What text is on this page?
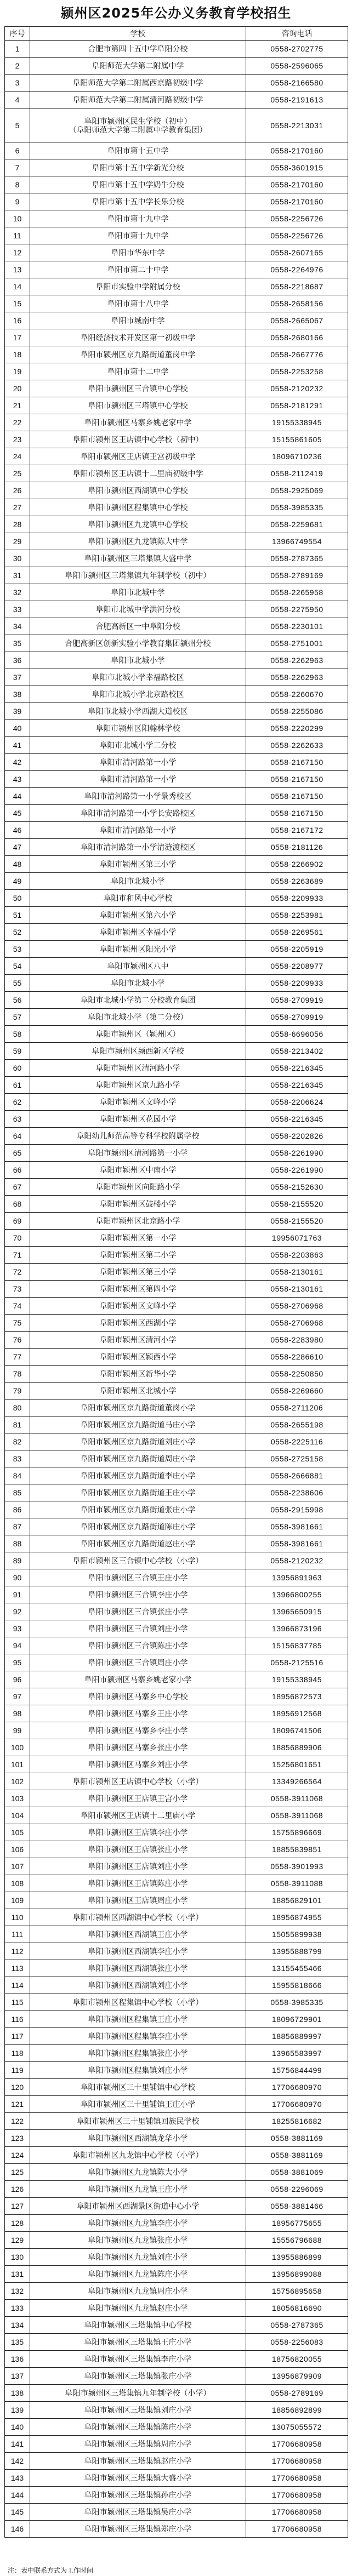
颍州区2025年公办义务教育学校招生
序号	学校	咨询电话
1	合肥市第四十五中学阜阳分校	0558-2702775
2	阜阳师范大学第二附属中学	0558-2596065
3	阜阳师范大学第二附属西京路初级中学	0558-2166580
4	阜阳师范大学第二附属清河路初级中学	0558-2191613
5	阜阳市颍州区民生学校（初中）
（阜阳师范大学第二附属中学教育集团）	0558-2213031
6	阜阳市第十五中学	0558-2170160
7	阜阳市第十五中学新光分校	0558-3601915
8	阜阳市第十五中学奶牛分校	0558-2170160
9	阜阳市第十五中学长乐分校	0558-2170160
10	阜阳市第十九中学	0558-2256726
11	阜阳市第十九中学	0558-2256726
12	阜阳市华东中学	0558-2607165
13	阜阳市第二十中学	0558-2264976
14	阜阳市实验中学附属分校	0558-2218687
15	阜阳市第十八中学	0558-2658156
16	阜阳市城南中学	0558-2665067
17	阜阳经济技术开发区第一初级中学	0558-2680166
18	阜阳市颍州区京九路街道董岗中学	0558-2667776
19	阜阳市第十二中学	0558-2253258
20	阜阳市颍州区三合镇中心学校	0558-2120232
21	阜阳市颍州区三塔镇中心学校	0558-2181291
22	阜阳市颍州区马寨乡姚老家中学	19155338945
23	阜阳市颍州区王店镇中心学校（初中）	15155861605
24	阜阳市颍州区王店镇王宫初级中学	18096710236
25	阜阳市颍州区王店镇十二里庙初级中学	0558-2112419
26	阜阳市颍州区西湖镇中心学校	0558-2925069
27	阜阳市颍州区程集镇中心学校	0558-3985335
28	阜阳市颍州区九龙镇中心学校	0558-2259681
29	阜阳市颍州区九龙镇陈大中学	13966749554
30	阜阳市颍州区三塔集镇大盛中学	0558-2787365
31	阜阳市颍州区三塔集镇九年制学校（初中）	0558-2789169
32	阜阳市北城中学	0558-2265958
33	阜阳市北城中学洪河分校	0558-2275950
34	合肥高新区一中阜阳分校	0558-2230101
35	合肥高新区创新实验小学教育集团颍州分校	0558-2751001
36	阜阳市北城小学	0558-2262963
37	阜阳市北城小学幸福路校区	0558-2262963
38	阜阳市北城小学北京路校区	0558-2260670
39	阜阳市北城小学西湖大道校区	0558-2255086
40	阜阳市颍州区阳翰林学校	0558-2220299
41	阜阳市北城小学二分校	0558-2262633
42	阜阳市清河路第一小学	0558-2167150
43	阜阳市清河路第一小学	0558-2167150
44	阜阳市清河路第一小学景秀校区	0558-2167150
45	阜阳市清河路第一小学长安路校区	0558-2167150
46	阜阳市清河路第一小学	0558-2167172
47	阜阳市清河路第一小学清涟渡校区	0558-2181126
48	阜阳市颍州区第三小学	0558-2266902
49	阜阳市北城小学	0558-2263689
50	阜阳市和风中心学校	0558-2209933
51	阜阳市颍州区第六小学	0558-2253981
52	阜阳市颍州区幸福小学	0558-2269561
53	阜阳市颍州区阳光小学	0558-2205919
54	阜阳市颍州区八中	0558-2208977
55	阜阳市北城小学	0558-2209933
56	阜阳市北城小学第二分校教育集团	0558-2709919
57	阜阳市北城小学（第二分校）	0558-2709919
58	阜阳市颍州区（颍州区）	0558-6696056
59	阜阳市颍州区颍西新区学校	0558-2213402
60	阜阳市颍州区清河路小学	0558-2216345
61	阜阳市颍州区京九路小学	0558-2216345
62	阜阳市颍州区文峰小学	0558-2206624
63	阜阳市颍州区花园小学	0558-2216345
64	阜阳幼儿师范高等专科学校附属学校	0558-2202826
65	阜阳市颍州区清河路第一小学	0558-2261990
66	阜阳市颍州区中南小学	0558-2261990
67	阜阳市颍州区向阳路小学	0558-2152630
68	阜阳市颍州区鼓楼小学	0558-2155520
69	阜阳市颍州区北京路小学	0558-2155520
70	阜阳市颍州区第一小学	19956071763
71	阜阳市颍州区第二小学	0558-2203863
72	阜阳市颍州区第三小学	0558-2130161
73	阜阳市颍州区第四小学	0558-2130161
74	阜阳市颍州区文峰小学	0558-2706968
75	阜阳市颍州区西湖小学	0558-2706968
76	阜阳市颍州区清河小学	0558-2283980
77	阜阳市颍州区颍西小学	0558-2286610
78	阜阳市颍州区新华小学	0558-2250850
79	阜阳市颍州区北城小学	0558-2269660
80	阜阳市颍州区京九路街道董岗小学	0558-2711206
81	阜阳市颍州区京九路街道马庄小学	0558-2655198
82	阜阳市颍州区京九路街道刘庄小学	0558-2225116
83	阜阳市颍州区京九路街道周庄小学	0558-2725158
84	阜阳市颍州区京九路街道李庄小学	0558-2666881
85	阜阳市颍州区京九路街道王庄小学	0558-2238606
86	阜阳市颍州区京九路街道张庄小学	0558-2915998
87	阜阳市颍州区京九路街道陈庄小学	0558-3981661
88	阜阳市颍州区京九路街道赵庄小学	0558-3981661
89	阜阳市颍州区三合镇中心学校（小学）	0558-2120232
90	阜阳市颍州区三合镇王庄小学	13956891963
91	阜阳市颍州区三合镇李庄小学	13966800255
92	阜阳市颍州区三合镇张庄小学	13965650915
93	阜阳市颍州区三合镇刘庄小学	13966873196
94	阜阳市颍州区三合镇陈庄小学	15156837785
95	阜阳市颍州区三合镇周庄小学	0558-2125516
96	阜阳市颍州区马寨乡姚老家小学	19155338945
97	阜阳市颍州区马寨乡中心学校	18956872573
98	阜阳市颍州区马寨乡王庄小学	18956912568
99	阜阳市颍州区马寨乡李庄小学	18096741506
100	阜阳市颍州区马寨乡张庄小学	18856889906
101	阜阳市颍州区马寨乡刘庄小学	15256801651
102	阜阳市颍州区王店镇中心学校（小学）	13349266564
103	阜阳市颍州区王店镇王宫小学	0558-3911068
104	阜阳市颍州区王店镇十二里庙小学	0558-3911068
105	阜阳市颍州区王店镇李庄小学	15755896669
106	阜阳市颍州区王店镇张庄小学	18855839851
107	阜阳市颍州区王店镇刘庄小学	0558-3901993
108	阜阳市颍州区王店镇陈庄小学	0558-3911088
109	阜阳市颍州区王店镇周庄小学	18856829101
110	阜阳市颍州区西湖镇中心学校（小学）	18956874955
111	阜阳市颍州区西湖镇王庄小学	15055899938
112	阜阳市颍州区西湖镇李庄小学	13955888799
113	阜阳市颍州区西湖镇张庄小学	13155455466
114	阜阳市颍州区西湖镇刘庄小学	15955818666
115	阜阳市颍州区程集镇中心学校（小学）	0558-3985335
116	阜阳市颍州区程集镇王庄小学	18096729901
117	阜阳市颍州区程集镇李庄小学	18856889997
118	阜阳市颍州区程集镇张庄小学	13965583997
119	阜阳市颍州区程集镇刘庄小学	15756844499
120	阜阳市颍州区三十里铺镇中心学校	17706680970
121	阜阳市颍州区三十里铺镇王庄小学	17706680970
122	阜阳市颍州区三十里铺镇回族民学校	18255816682
123	阜阳市颍州区西湖镇龙华小学	0558-3881169
124	阜阳市颍州区九龙镇中心学校（小学）	0558-3881169
125	阜阳市颍州区九龙镇陈大小学	0558-3881069
126	阜阳市颍州区九龙镇王庄小学	0558-2296069
127	阜阳市颍州区西湖景区街道中心小学	0558-3881466
128	阜阳市颍州区九龙镇李庄小学	18956775655
129	阜阳市颍州区九龙镇张庄小学	15556796688
130	阜阳市颍州区九龙镇刘庄小学	13955886899
131	阜阳市颍州区九龙镇陈庄小学	13956899088
132	阜阳市颍州区九龙镇周庄小学	15756895658
133	阜阳市颍州区九龙镇赵庄小学	18056816690
134	阜阳市颍州区三塔集镇中心学校	0558-2787365
135	阜阳市颍州区三塔集镇王庄小学	0558-2256083
136	阜阳市颍州区三塔集镇李庄小学	18756820055
137	阜阳市颍州区三塔集镇张庄小学	13956879909
138	阜阳市颍州区三塔集镇九年制学校（小学）	0558-2789169
139	阜阳市颍州区三塔集镇刘庄小学	18856892899
140	阜阳市颍州区三塔集镇陈庄小学	13075055572
141	阜阳市颍州区三塔集镇周庄小学	17706680958
142	阜阳市颍州区三塔集镇赵庄小学	17706680958
143	阜阳市颍州区三塔集镇大盛小学	17706680958
144	阜阳市颍州区三塔集镇孙庄小学	17706680958
145	阜阳市颍州区三塔集镇吴庄小学	17706680958
146	阜阳市颍州区三塔集镇郑庄小学	17706680958
注：表中联系方式为工作时间
